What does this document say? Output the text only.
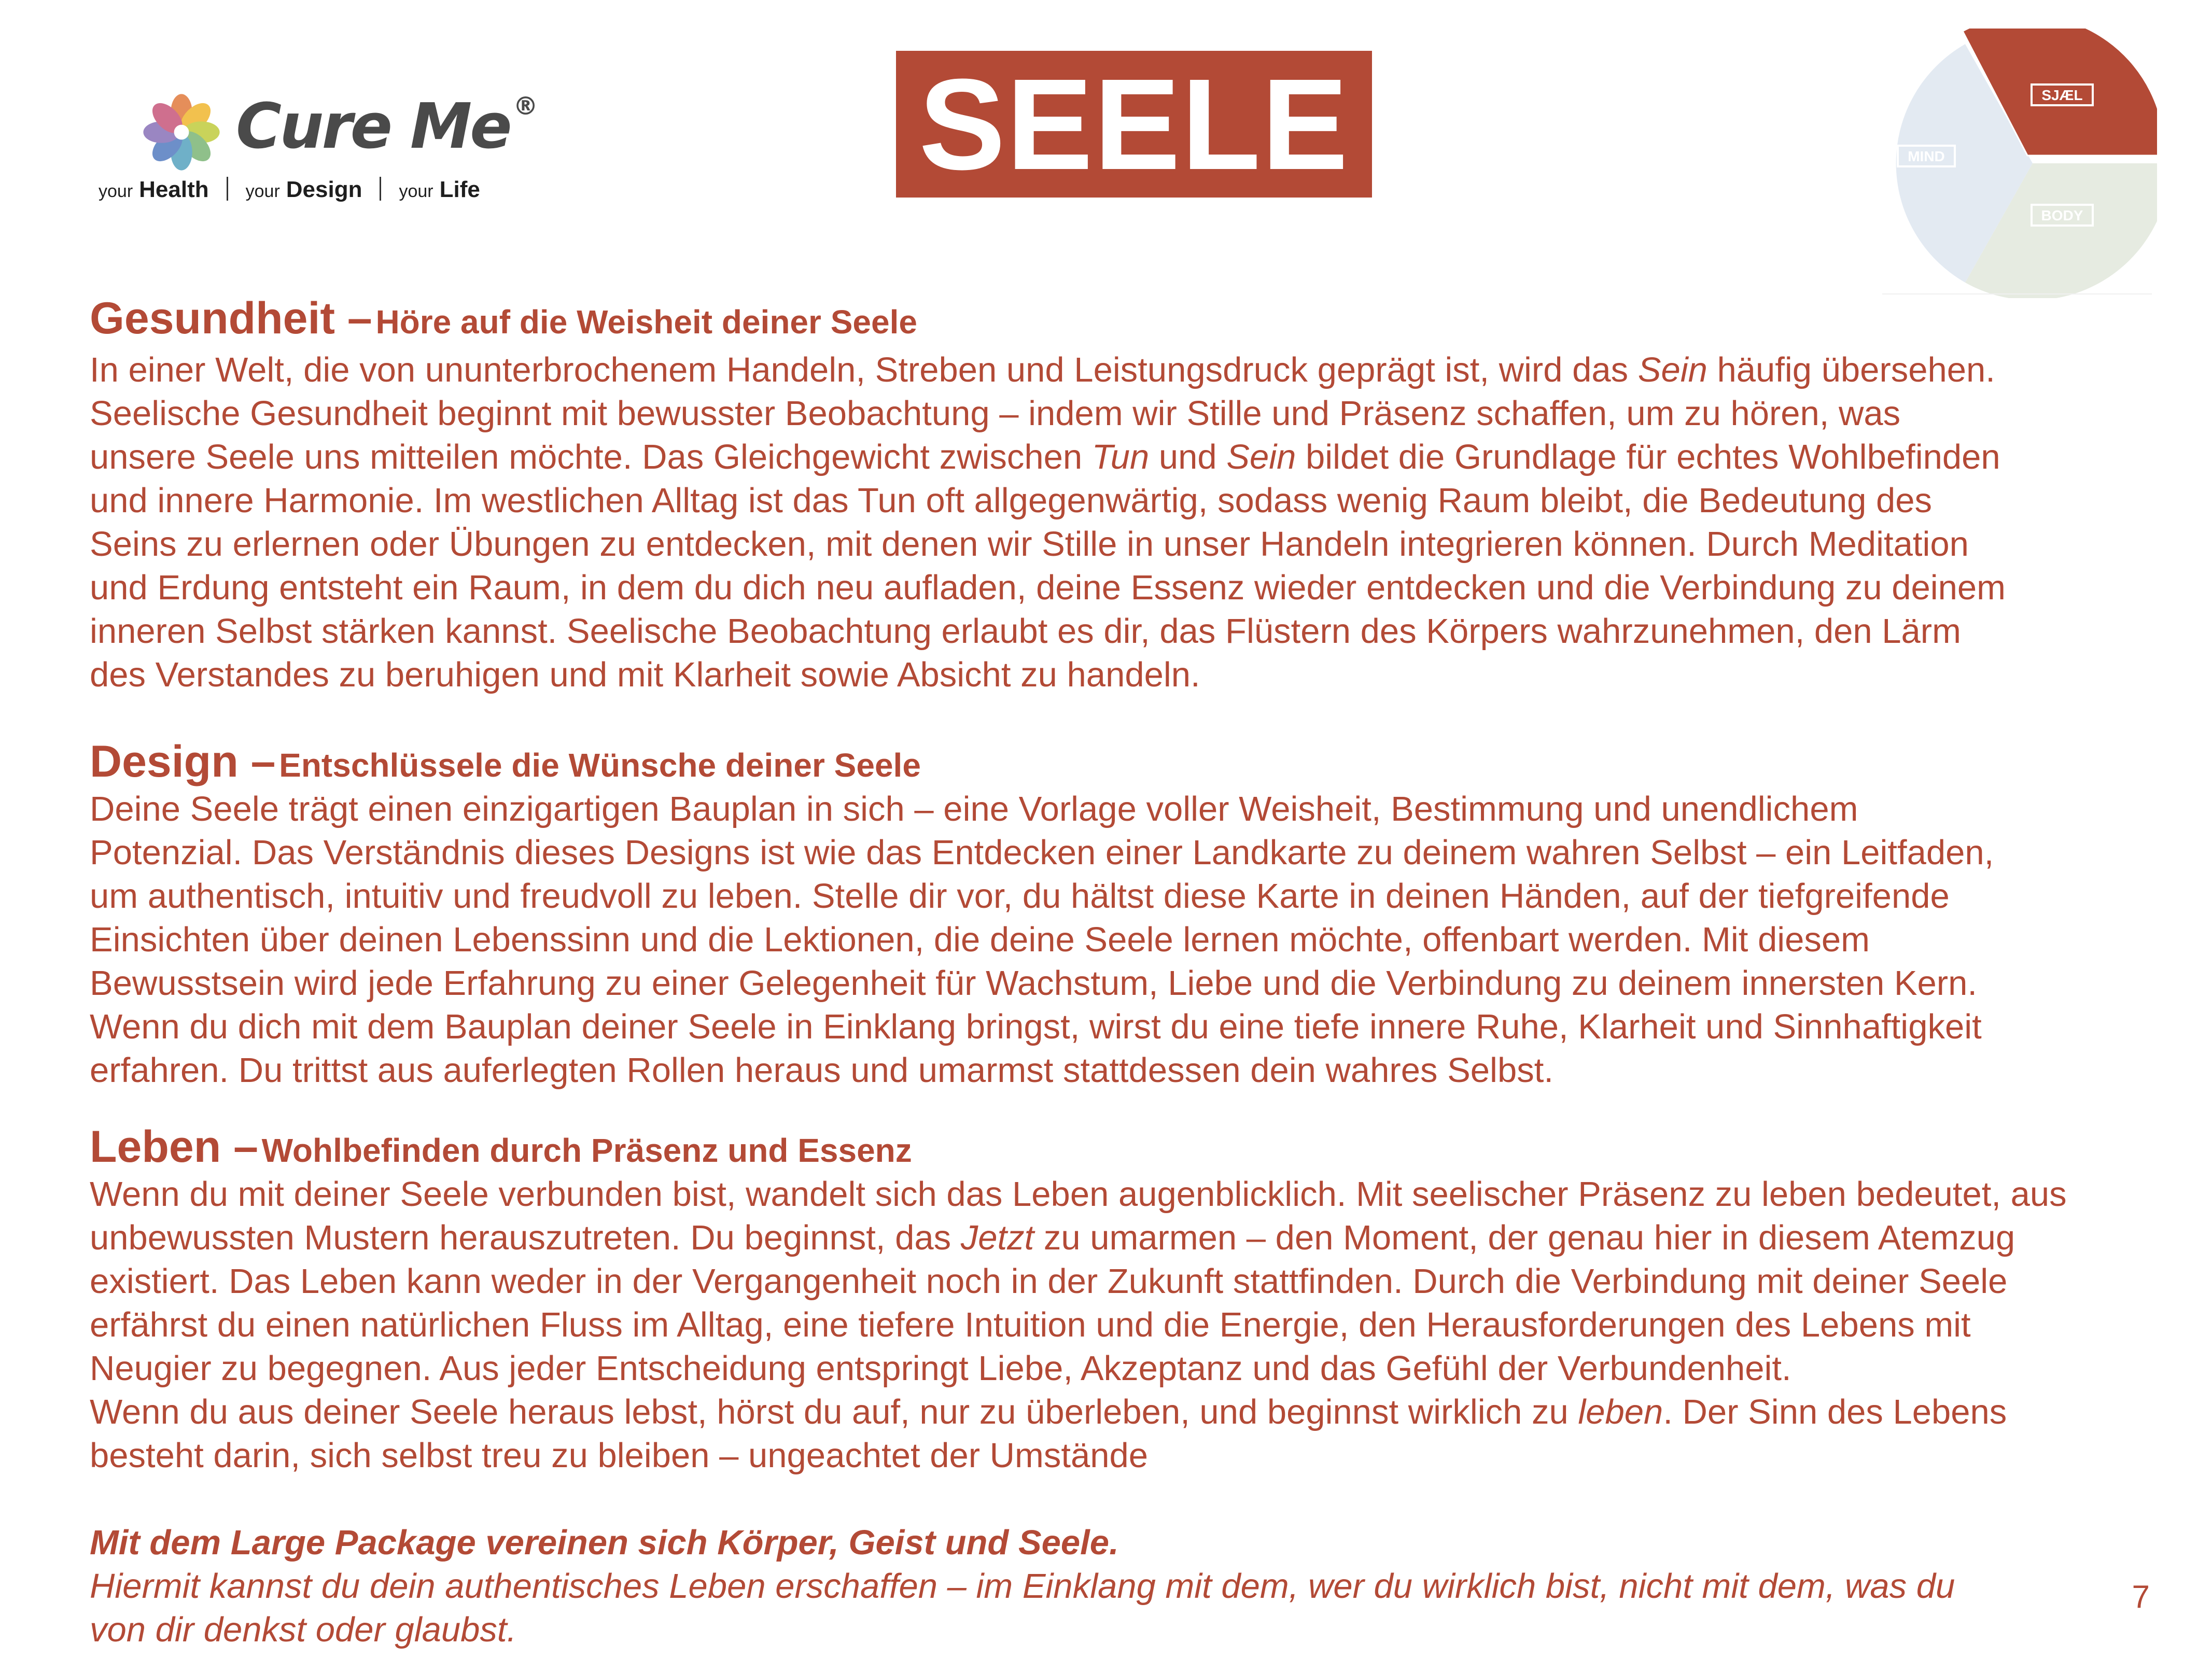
Cure Me ®
your Health your Design your Life	SEELE	SJÆL
MIND
BODY
Gesundheit – Höre auf die Weisheit deiner Seele

In einer Welt, die von ununterbrochenem Handeln, Streben und Leistungsdruck geprägt ist, wird das Sein häufig übersehen.
Seelische Gesundheit beginnt mit bewusster Beobachtung – indem wir Stille und Präsenz schaffen, um zu hören, was
unsere Seele uns mitteilen möchte. Das Gleichgewicht zwischen Tun und Sein bildet die Grundlage für echtes Wohlbefinden
und innere Harmonie. Im westlichen Alltag ist das Tun oft allgegenwärtig, sodass wenig Raum bleibt, die Bedeutung des
Seins zu erlernen oder Übungen zu entdecken, mit denen wir Stille in unser Handeln integrieren können. Durch Meditation
und Erdung entsteht ein Raum, in dem du dich neu aufladen, deine Essenz wieder entdecken und die Verbindung zu deinem
inneren Selbst stärken kannst. Seelische Beobachtung erlaubt es dir, das Flüstern des Körpers wahrzunehmen, den Lärm
des Verstandes zu beruhigen und mit Klarheit sowie Absicht zu handeln.

Design – Entschlüssele die Wünsche deiner Seele

Deine Seele trägt einen einzigartigen Bauplan in sich – eine Vorlage voller Weisheit, Bestimmung und unendlichem
Potenzial. Das Verständnis dieses Designs ist wie das Entdecken einer Landkarte zu deinem wahren Selbst – ein Leitfaden,
um authentisch, intuitiv und freudvoll zu leben. Stelle dir vor, du hältst diese Karte in deinen Händen, auf der tiefgreifende
Einsichten über deinen Lebenssinn und die Lektionen, die deine Seele lernen möchte, offenbart werden. Mit diesem
Bewusstsein wird jede Erfahrung zu einer Gelegenheit für Wachstum, Liebe und die Verbindung zu deinem innersten Kern.
Wenn du dich mit dem Bauplan deiner Seele in Einklang bringst, wirst du eine tiefe innere Ruhe, Klarheit und Sinnhaftigkeit
erfahren. Du trittst aus auferlegten Rollen heraus und umarmst stattdessen dein wahres Selbst.

Leben – Wohlbefinden durch Präsenz und Essenz

Wenn du mit deiner Seele verbunden bist, wandelt sich das Leben augenblicklich. Mit seelischer Präsenz zu leben bedeutet, aus
unbewussten Mustern herauszutreten. Du beginnst, das Jetzt zu umarmen – den Moment, der genau hier in diesem Atemzug
existiert. Das Leben kann weder in der Vergangenheit noch in der Zukunft stattfinden. Durch die Verbindung mit deiner Seele
erfährst du einen natürlichen Fluss im Alltag, eine tiefere Intuition und die Energie, den Herausforderungen des Lebens mit
Neugier zu begegnen. Aus jeder Entscheidung entspringt Liebe, Akzeptanz und das Gefühl der Verbundenheit.
Wenn du aus deiner Seele heraus lebst, hörst du auf, nur zu überleben, und beginnst wirklich zu leben. Der Sinn des Lebens
besteht darin, sich selbst treu zu bleiben – ungeachtet der Umstände

Mit dem Large Package vereinen sich Körper, Geist und Seele.
Hiermit kannst du dein authentisches Leben erschaffen – im Einklang mit dem, wer du wirklich bist, nicht mit dem, was du
von dir denkst oder glaubst.
7
